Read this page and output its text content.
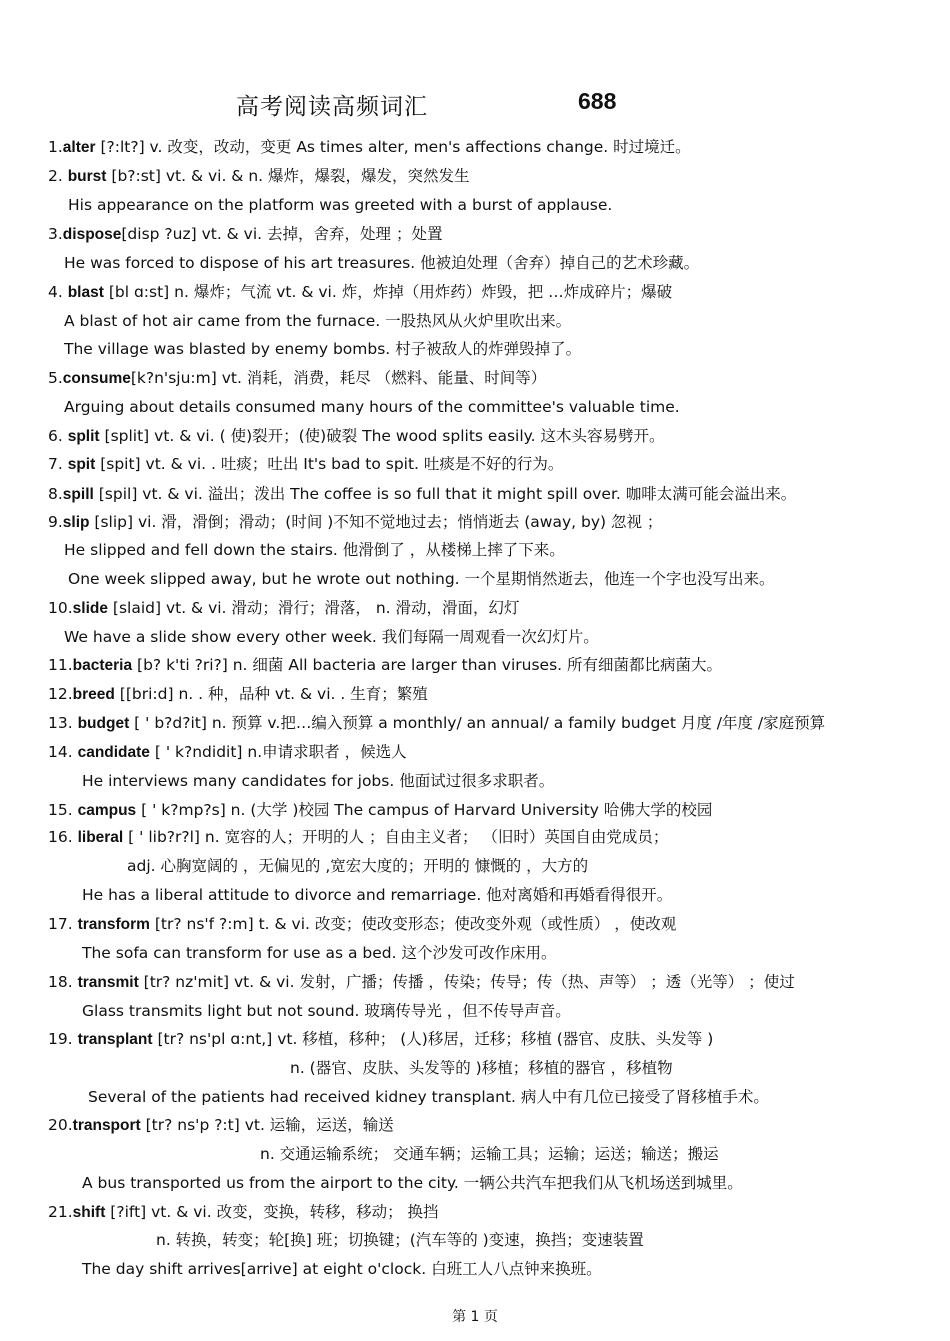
高考阅读高频词汇	688
1.alter [?:lt?] v. 改变，改动，变更 As times alter, men's affections change. 时过境迁。
2. burst [b?:st] vt. & vi. & n. 爆炸，爆裂，爆发，突然发生
His appearance on the platform was greeted with a burst of applause.
3.dispose[disp ?uz] vt. & vi. 去掉，舍弃，处理 ；处置
He was forced to dispose of his art treasures. 他被迫处理（舍弃）掉自己的艺术珍藏。
4. blast [bl ɑ:st] n. 爆炸；气流 vt. & vi. 炸，炸掉（用炸药）炸毁，把 …炸成碎片；爆破
A blast of hot air came from the furnace. 一股热风从火炉里吹出来。
The village was blasted by enemy bombs. 村子被敌人的炸弹毁掉了。
5.consume[k?n'sju:m] vt. 消耗，消费，耗尽 （燃料、能量、时间等）
Arguing about details consumed many hours of the committee's valuable time.
6. split [split] vt. & vi. ( 使)裂开；(使)破裂 The wood splits easily. 这木头容易劈开。
7. spit [spit] vt. & vi. . 吐痰；吐出 It's bad to spit. 吐痰是不好的行为。
8.spill [spil] vt. & vi. 溢出；泼出 The coffee is so full that it might spill over. 咖啡太满可能会溢出来。
9.slip [slip] vi. 滑，滑倒；滑动；(时间 )不知不觉地过去；悄悄逝去 (away, by) 忽视 ；
He slipped and fell down the stairs. 他滑倒了 ，从楼梯上摔了下来。
One week slipped away, but he wrote out nothing. 一个星期悄然逝去，他连一个字也没写出来。
10.slide [slaid] vt. & vi. 滑动；滑行；滑落， n. 滑动，滑面，幻灯
We have a slide show every other week. 我们每隔一周观看一次幻灯片。
11.bacteria [b? k'ti ?ri?] n. 细菌 All bacteria are larger than viruses. 所有细菌都比病菌大。
12.breed [[bri:d] n. . 种，品种 vt. & vi. . 生育；繁殖
13. budget [ ' b?d?it] n. 预算 v.把…编入预算 a monthly/ an annual/ a family budget 月度 /年度 /家庭预算
14. candidate [ ' k?ndidit] n.申请求职者 ，候选人
He interviews many candidates for jobs. 他面试过很多求职者。
15. campus [ ' k?mp?s] n. (大学 )校园 The campus of Harvard University 哈佛大学的校园
16. liberal [ ' lib?r?l] n. 宽容的人；开明的人 ；自由主义者； （旧时）英国自由党成员；
adj. 心胸宽阔的 ，无偏见的 ,宽宏大度的；开明的 慷慨的 ，大方的
He has a liberal attitude to divorce and remarriage. 他对离婚和再婚看得很开。
17. transform [tr? ns'f ?:m] t. & vi. 改变；使改变形态；使改变外观（或性质） ，使改观
The sofa can transform for use as a bed. 这个沙发可改作床用。
18. transmit [tr? nz'mit] vt. & vi. 发射，广播；传播 ，传染；传导；传（热、声等） ；透（光等） ；使过
Glass transmits light but not sound. 玻璃传导光 ，但不传导声音。
19. transplant [tr? ns'pl ɑ:nt,] vt. 移植，移种； (人)移居，迁移；移植 (器官、皮肤、头发等 )
n. (器官、皮肤、头发等的 )移植；移植的器官 ，移植物
Several of the patients had received kidney transplant. 病人中有几位已接受了肾移植手术。
20.transport [tr? ns'p ?:t] vt. 运输，运送，输送
n. 交通运输系统； 交通车辆；运输工具；运输；运送；输送；搬运
A bus transported us from the airport to the city. 一辆公共汽车把我们从飞机场送到城里。
21.shift [?ift] vt. & vi. 改变，变换，转移，移动； 换挡
n. 转换，转变；轮[换] 班；切换键；(汽车等的 )变速，换挡；变速装置
The day shift arrives[arrive] at eight o'clock. 白班工人八点钟来换班。
第 1 页
